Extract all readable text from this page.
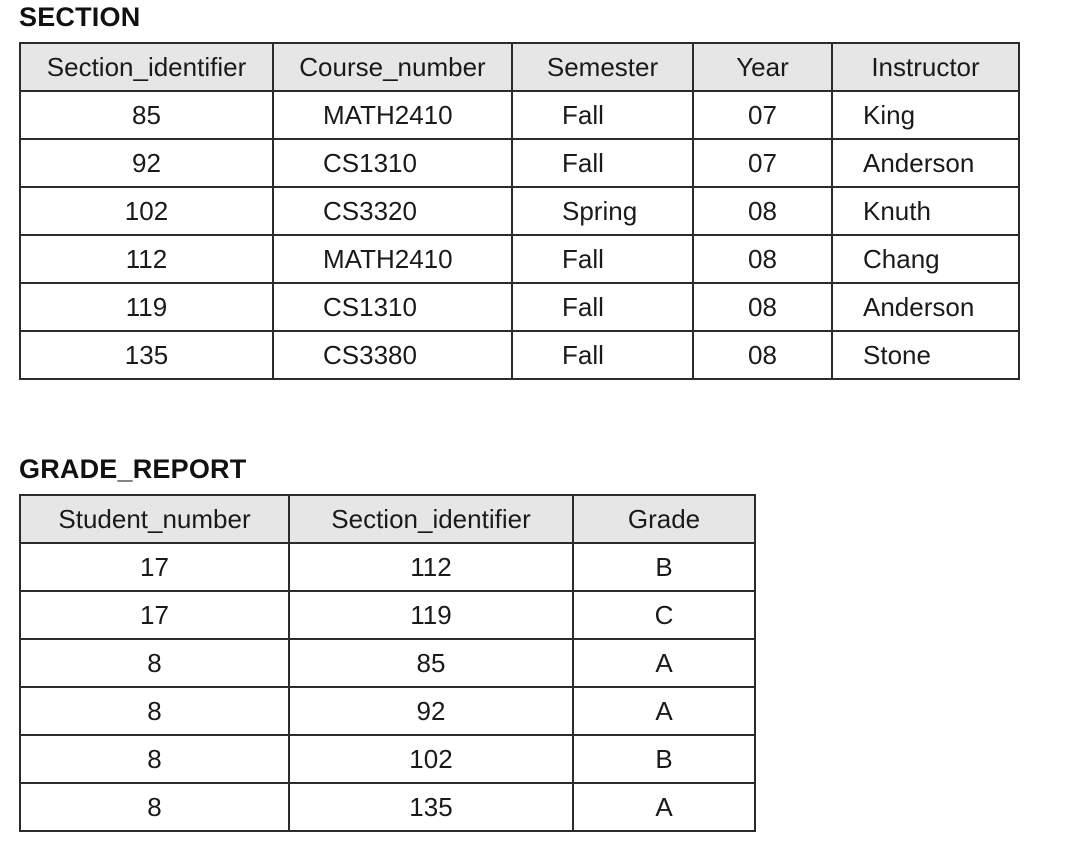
SECTION
Section_identifier	Course_number	Semester	Year	Instructor
85	MATH2410	Fall	07	King
92	CS1310	Fall	07	Anderson
102	CS3320	Spring	08	Knuth
112	MATH2410	Fall	08	Chang
119	CS1310	Fall	08	Anderson
135	CS3380	Fall	08	Stone
GRADE_REPORT
Student_number	Section_identifier	Grade
17	112	B
17	119	C
8	85	A
8	92	A
8	102	B
8	135	A
